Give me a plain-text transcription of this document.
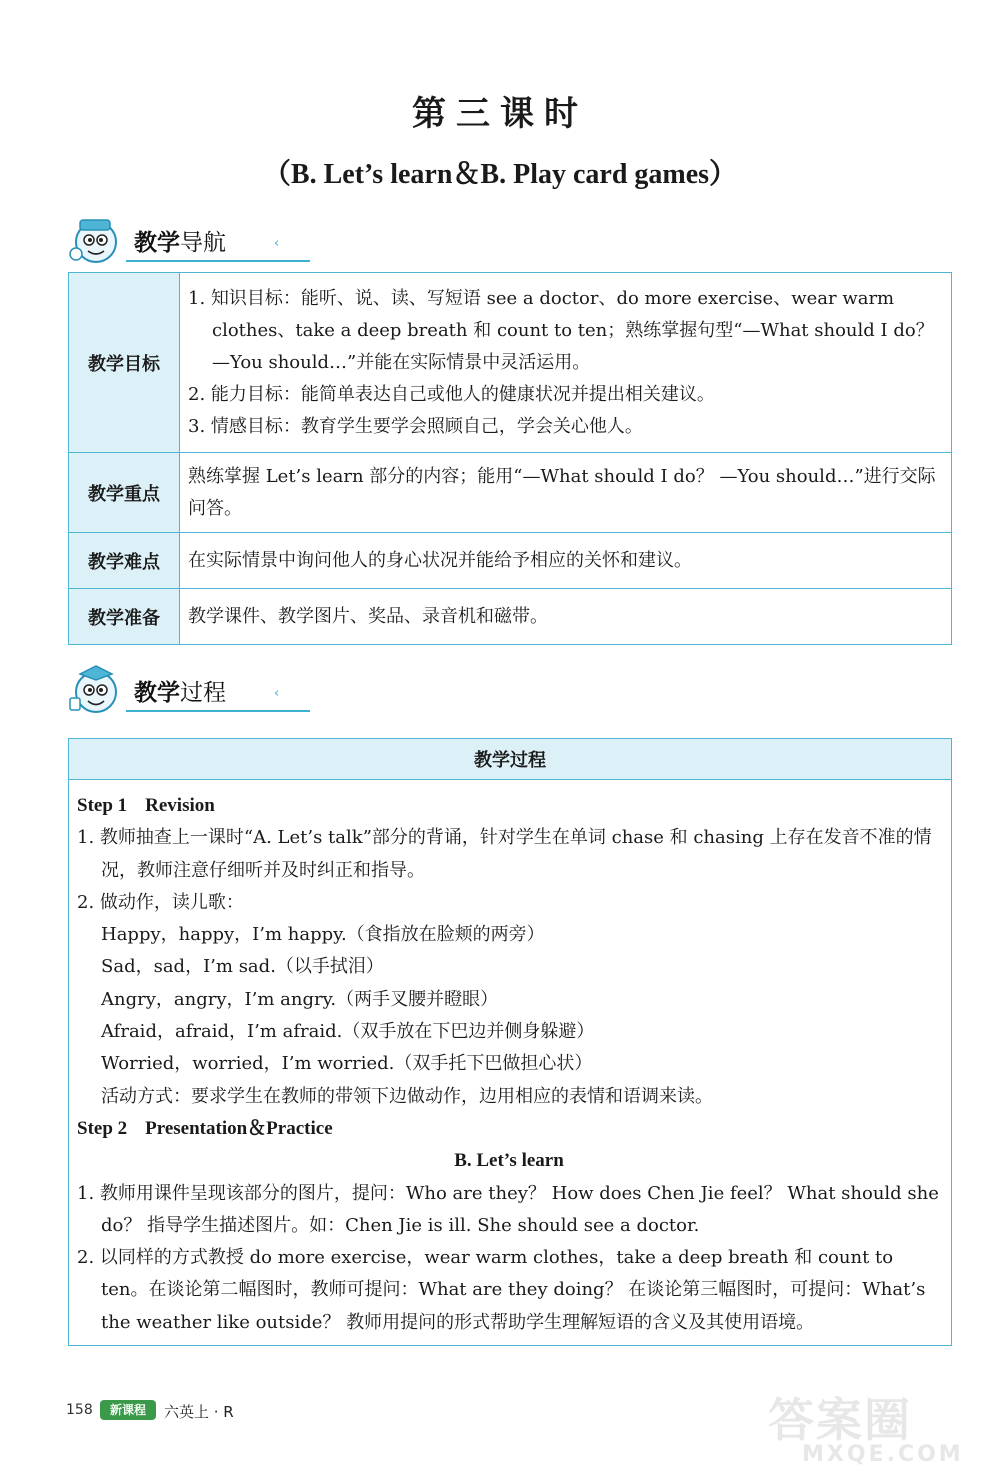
第三课时
（B. Let’s learn＆B. Play card games）
教学导航	‹
教学目标	1. 知识目标：能听、说、读、写短语 see a doctor、do more exercise、wear warm clothes、take a deep breath 和 count to ten；熟练掌握句型“—What should I do？ —You should…”并能在实际情景中灵活运用。
2. 能力目标：能简单表达自己或他人的健康状况并提出相关建议。
3. 情感目标：教育学生要学会照顾自己，学会关心他人。

教学重点	熟练掌握 Let’s learn 部分的内容；能用“—What should I do？ —You should…”进行交际问答。
教学难点	在实际情景中询问他人的身心状况并能给予相应的关怀和建议。
教学准备	教学课件、教学图片、奖品、录音机和磁带。
教学过程	‹
教学过程

Step 1 Revision
1. 教师抽查上一课时“A. Let’s talk”部分的背诵，针对学生在单词 chase 和 chasing 上存在发音不准的情况，教师注意仔细听并及时纠正和指导。
2. 做动作，读儿歌：
Happy，happy，I’m happy.（食指放在脸颊的两旁）
Sad，sad，I’m sad.（以手拭泪）
Angry，angry，I’m angry.（两手叉腰并瞪眼）
Afraid，afraid，I’m afraid.（双手放在下巴边并侧身躲避）
Worried，worried，I’m worried.（双手托下巴做担心状）
活动方式：要求学生在教师的带领下边做动作，边用相应的表情和语调来读。
Step 2 Presentation＆Practice
B. Let’s learn
1. 教师用课件呈现该部分的图片，提问：Who are they？ How does Chen Jie feel？ What should she do？ 指导学生描述图片。如：Chen Jie is ill. She should see a doctor.
2. 以同样的方式教授 do more exercise，wear warm clothes，take a deep breath 和 count to ten。在谈论第二幅图时，教师可提问：What are they doing？ 在谈论第三幅图时，可提问：What’s the weather like outside？ 教师用提问的形式帮助学生理解短语的含义及其使用语境。
158	新课程	六英上 · R	答案圈
MXQE.COM
